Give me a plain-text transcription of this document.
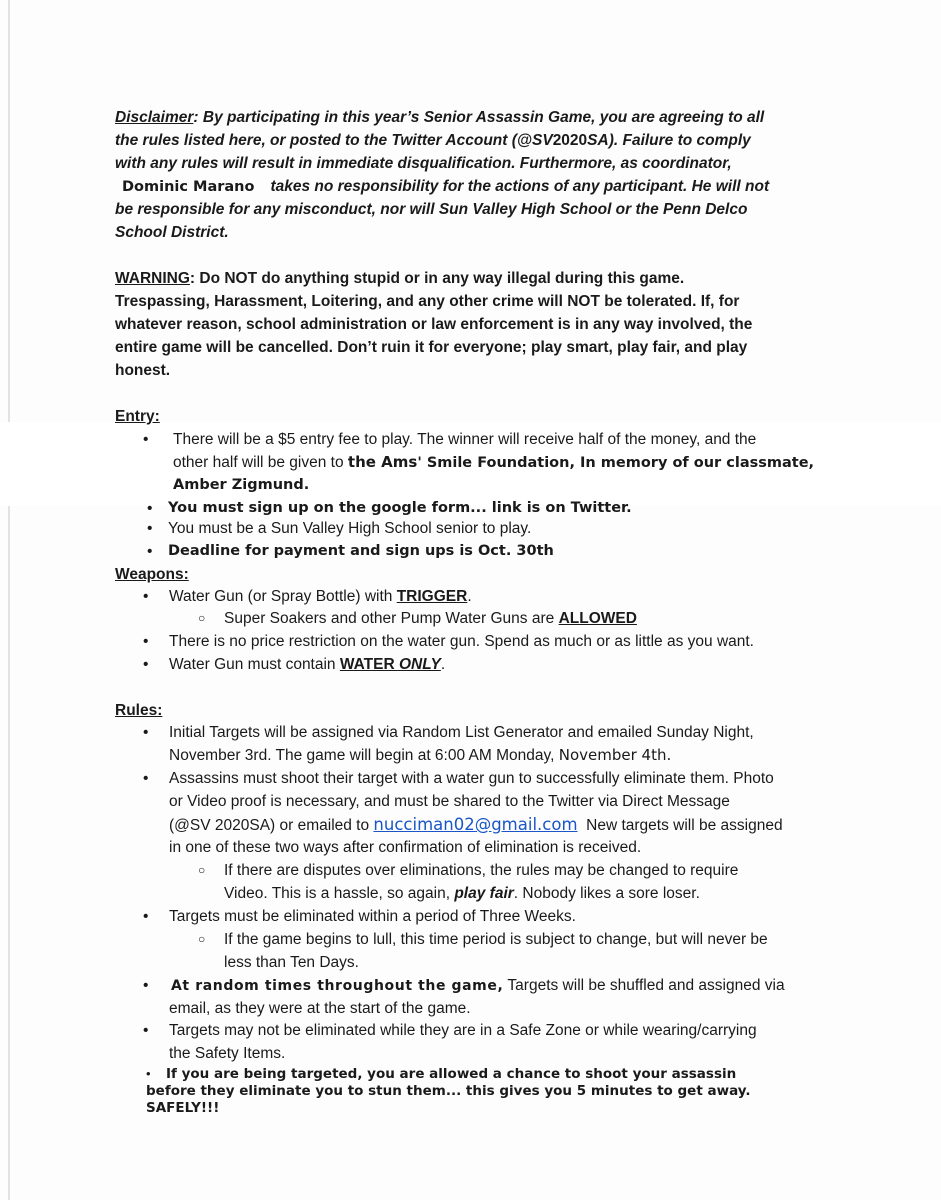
Disclaimer: By participating in this year’s Senior Assassin Game, you are agreeing to all
the rules listed here, or posted to the Twitter Account (@SV2020SA). Failure to comply
with any rules will result in immediate disqualification. Furthermore, as coordinator,
Dominic Marano takes no responsibility for the actions of any participant. He will not
be responsible for any misconduct, nor will Sun Valley High School or the Penn Delco
School District.
WARNING: Do NOT do anything stupid or in any way illegal during this game.
Trespassing, Harassment, Loitering, and any other crime will NOT be tolerated. If, for
whatever reason, school administration or law enforcement is in any way involved, the
entire game will be cancelled. Don’t ruin it for everyone; play smart, play fair, and play
honest.
Entry:
• There will be a $5 entry fee to play. The winner will receive half of the money, and the
other half will be given to the Ams' Smile Foundation, In memory of our classmate,
Amber Zigmund.
• You must sign up on the google form... link is on Twitter.
• You must be a Sun Valley High School senior to play.
• Deadline for payment and sign ups is Oct. 30th
Weapons:
• Water Gun (or Spray Bottle) with TRIGGER.
○ Super Soakers and other Pump Water Guns are ALLOWED
• There is no price restriction on the water gun. Spend as much or as little as you want.
• Water Gun must contain WATER ONLY.
Rules:
• Initial Targets will be assigned via Random List Generator and emailed Sunday Night,
November 3rd. The game will begin at 6:00 AM Monday, November 4th.
• Assassins must shoot their target with a water gun to successfully eliminate them. Photo
or Video proof is necessary, and must be shared to the Twitter via Direct Message
(@SV 2020SA) or emailed to nucciman02@gmail.com New targets will be assigned
in one of these two ways after confirmation of elimination is received.
○ If there are disputes over eliminations, the rules may be changed to require
Video. This is a hassle, so again, play fair. Nobody likes a sore loser.
• Targets must be eliminated within a period of Three Weeks.
○ If the game begins to lull, this time period is subject to change, but will never be
less than Ten Days.
• At random times throughout the game, Targets will be shuffled and assigned via
email, as they were at the start of the game.
• Targets may not be eliminated while they are in a Safe Zone or while wearing/carrying
the Safety Items.
• If you are being targeted, you are allowed a chance to shoot your assassin
before they eliminate you to stun them... this gives you 5 minutes to get away.
SAFELY!!!
